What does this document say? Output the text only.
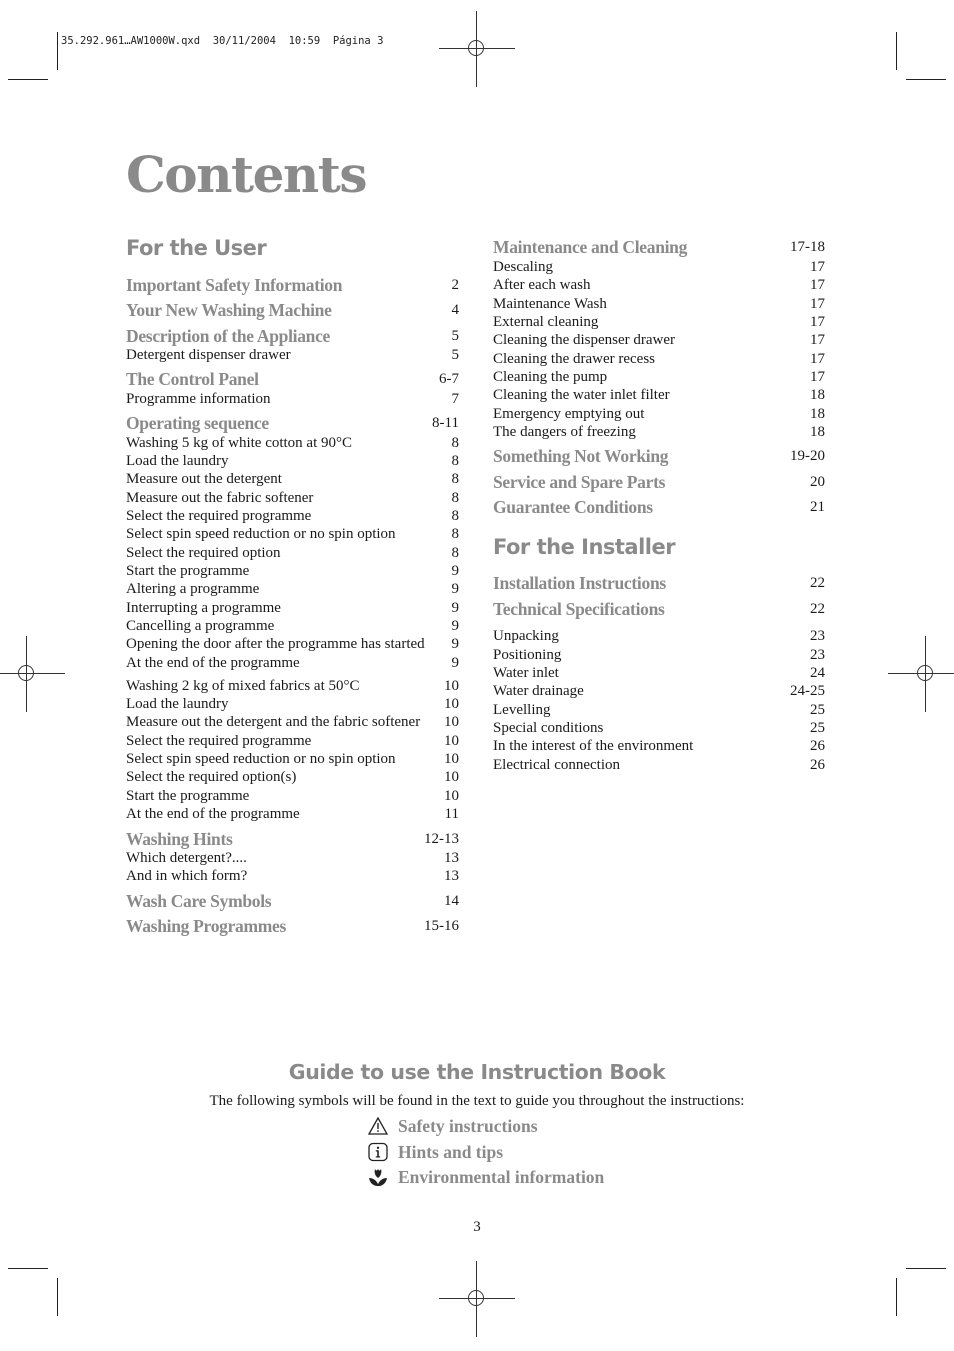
35.292.961…AW1000W.qxd  30/11/2004  10:59  Página 3
Contents
For the User
For the Installer
Important Safety Information	2
Your New Washing Machine	4
Description of the Appliance	5
Detergent dispenser drawer	5
The Control Panel	6-7
Programme information	7
Operating sequence	8-11
Washing 5 kg of white cotton at 90°C	8
Load the laundry	8
Measure out the detergent	8
Measure out the fabric softener	8
Select the required programme	8
Select spin speed reduction or no spin option	8
Select the required option	8
Start the programme	9
Altering a programme	9
Interrupting a programme	9
Cancelling a programme	9
Opening the door after the programme has started 9
At the end of the programme	9
Washing 2 kg of mixed fabrics at 50°C	10
Load the laundry	10
Measure out the detergent and the fabric softener 10
Select the required programme	10
Select spin speed reduction or no spin option	10
Select the required option(s)	10
Start the programme	10
At the end of the programme	11
Washing Hints	12-13
Which detergent?....	13
And in which form?	13
Wash Care Symbols	14
Washing Programmes	15-16
Maintenance and Cleaning	17-18
Descaling	17
After each wash	17
Maintenance Wash	17
External cleaning	17
Cleaning the dispenser drawer	17
Cleaning the drawer recess	17
Cleaning the pump	17
Cleaning the water inlet filter	18
Emergency emptying out	18
The dangers of freezing	18
Something Not Working	19-20
Service and Spare Parts	20
Guarantee Conditions	21
Installation Instructions	22
Technical Specifications	22
Unpacking	23
Positioning	23
Water inlet	24
Water drainage	24-25
Levelling	25
Special conditions	25
In the interest of the environment	26
Electrical connection	26
Guide to use the Instruction Book
The following symbols will be found in the text to guide you throughout the instructions:
Safety instructions
Hints and tips
Environmental information
3
